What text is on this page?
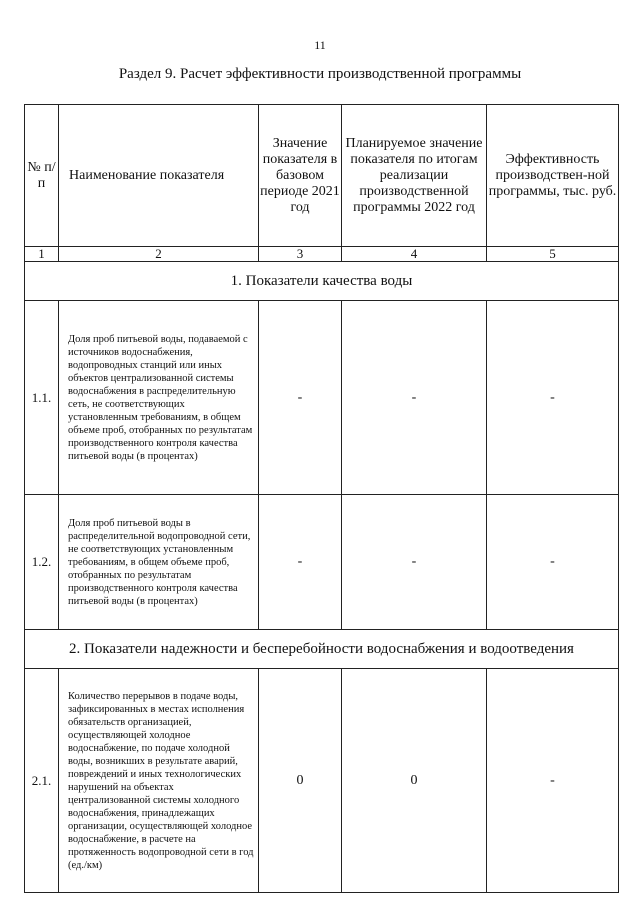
11
Раздел 9. Расчет эффективности производственной программы
№ п/п	Наименование показателя	Значение показателя в базовом периоде 2021 год	Планируемое значение показателя по итогам реализации производственной программы 2022 год	Эффективность производствен-ной программы, тыс. руб.
1	2	3	4	5
1. Показатели качества воды				
1.1.	Доля проб питьевой воды, подаваемой с источников водоснабжения, водопроводных станций или иных объектов централизованной системы водоснабжения в распределительную сеть, не соответствующих установленным требованиям, в общем объеме проб, отобранных по результатам производственного контроля качества питьевой воды (в процентах)	-	-	-
1.2.	Доля проб питьевой воды в распределительной водопроводной сети, не соответствующих установленным требованиям, в общем объеме проб, отобранных по результатам производственного контроля качества питьевой воды (в процентах)	-	-	-
2. Показатели надежности и бесперебойности водоснабжения и водоотведения				
2.1.	Количество перерывов в подаче воды, зафиксированных в местах исполнения обязательств организацией, осуществляющей холодное водоснабжение, по подаче холодной воды, возникших в результате аварий, повреждений и иных технологических нарушений на объектах централизованной системы холодного водоснабжения, принадлежащих организации, осуществляющей холодное водоснабжение, в расчете на протяженность водопроводной сети в год (ед./км)	0	0	-
